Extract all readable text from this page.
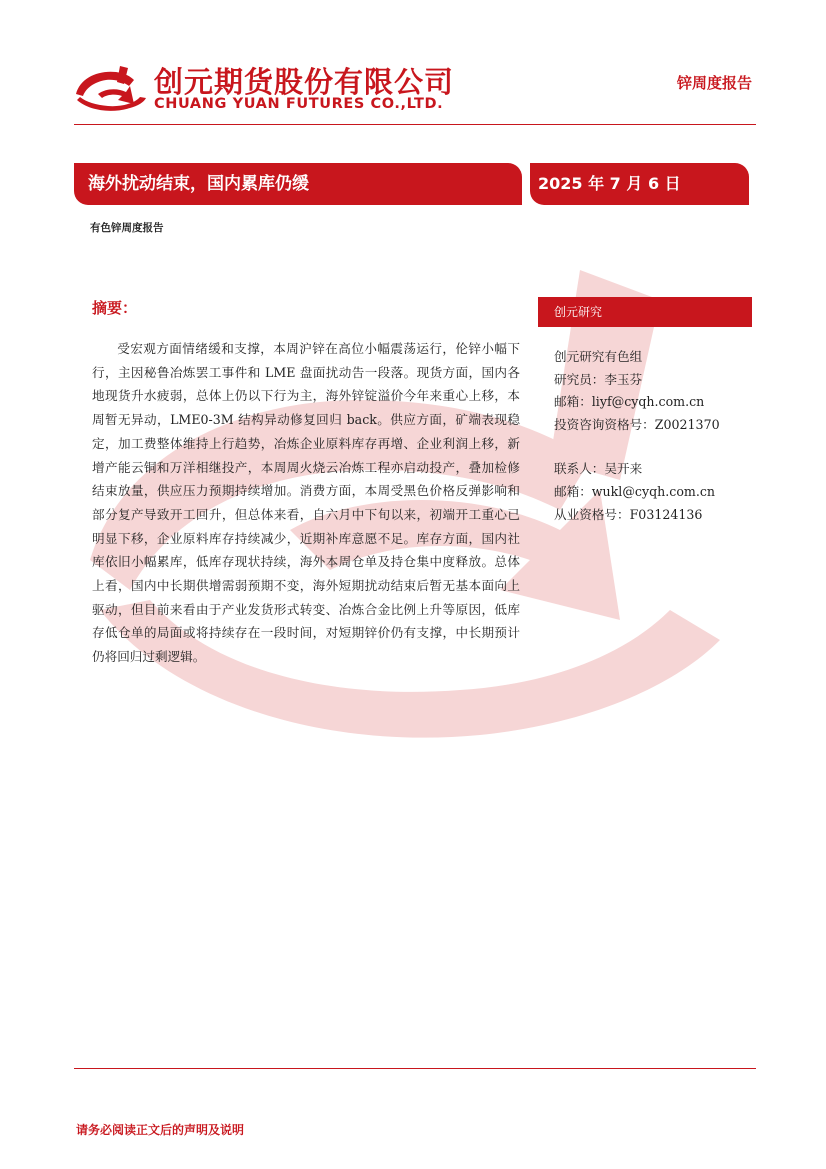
创元期货股份有限公司
CHUANG YUAN FUTURES CO.,LTD.
锌周度报告
海外扰动结束，国内累库仍缓	2025 年 7 月 6 日
有色锌周度报告
摘要：
受宏观方面情绪缓和支撑，本周沪锌在高位小幅震荡运行，伦锌小幅下行，主因秘鲁冶炼罢工事件和 LME 盘面扰动告一段落。现货方面，国内各地现货升水疲弱，总体上仍以下行为主，海外锌锭溢价今年来重心上移，本周暂无异动，LME0-3M 结构异动修复回归 back。供应方面，矿端表现稳定，加工费整体维持上行趋势，冶炼企业原料库存再增、企业利润上移，新增产能云铜和万洋相继投产，本周周火烧云冶炼工程亦启动投产，叠加检修结束放量，供应压力预期持续增加。消费方面，本周受黑色价格反弹影响和部分复产导致开工回升，但总体来看，自六月中下旬以来，初端开工重心已明显下移，企业原料库存持续减少，近期补库意愿不足。库存方面，国内社库依旧小幅累库，低库存现状持续，海外本周仓单及持仓集中度释放。总体上看，国内中长期供增需弱预期不变，海外短期扰动结束后暂无基本面向上驱动，但目前来看由于产业发货形式转变、冶炼合金比例上升等原因，低库存低仓单的局面或将持续存在一段时间，对短期锌价仍有支撑，中长期预计仍将回归过剩逻辑。
创元研究
创元研究有色组
研究员：李玉芬
邮箱：liyf@cyqh.com.cn
投资咨询资格号：Z0021370
联系人：吴开来
邮箱：wukl@cyqh.com.cn
从业资格号：F03124136
请务必阅读正文后的声明及说明
